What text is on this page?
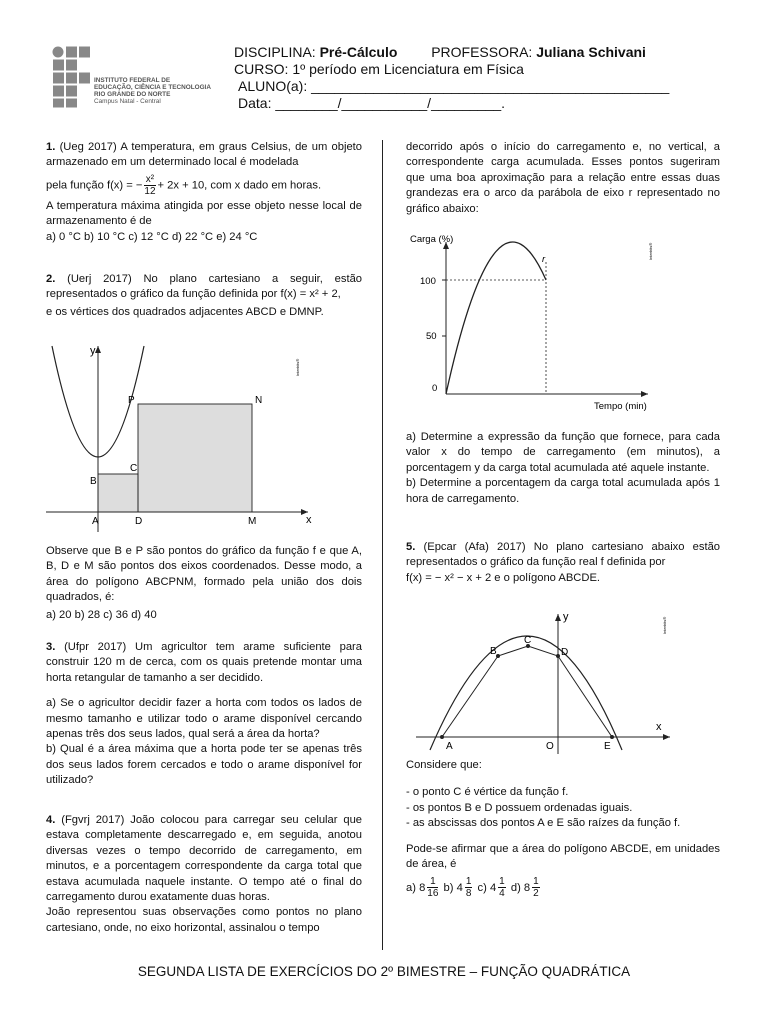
INSTITUTO FEDERAL DE
EDUCAÇÃO, CIÊNCIA E TECNOLOGIA
RIO GRANDE DO NORTE
Campus Natal - Central
DISCIPLINA: Pré-Cálculo PROFESSORA: Juliana Schivani
CURSO: 1º período em Licenciatura em Física
ALUNO(a): ______________________________________________
Data: ________/___________/_________.

1. (Ueg 2017) A temperatura, em graus Celsius, de um objeto armazenado em um determinado local é modelada

pela função f(x) = − $\frac{\text{x²}}{12} + 2x + 10$, com x dado em horas.

A temperatura máxima atingida por esse objeto nesse local de armazenamento é de

a) 0 °C b) 10 °C c) 12 °C d) 22 °C e) 24 °C

2. (Uerj 2017) No plano cartesiano a seguir, estão representados o gráfico da função definida por f(x) = x² + 2,

e os vértices dos quadrados adjacentes ABCD e DMNP.

y
x
A
B
C
D	M
N
P
Interbits®

Observe que B e P são pontos do gráfico da função f e que A, B, D e M são pontos dos eixos coordenados. Desse modo, a área do polígono ABCPNM, formado pela união dos dois quadrados, é:

a) 20 b) 28 c) 36 d) 40

3. (Ufpr 2017) Um agricultor tem arame suficiente para construir 120 m de cerca, com os quais pretende montar uma horta retangular de tamanho a ser decidido.

a) Se o agricultor decidir fazer a horta com todos os lados de mesmo tamanho e utilizar todo o arame disponível cercando apenas três dos seus lados, qual será a área da horta?

b) Qual é a área máxima que a horta pode ter se apenas três dos seus lados forem cercados e todo o arame disponível for utilizado?

4. (Fgvrj 2017) João colocou para carregar seu celular que estava completamente descarregado e, em seguida, anotou diversas vezes o tempo decorrido de carregamento, em minutos, e a porcentagem correspondente da carga total que estava acumulada naquele instante. O tempo até o final do carregamento durou exatamente duas horas.

João representou suas observações como pontos no plano cartesiano, onde, no eixo horizontal, assinalou o tempo

decorrido após o início do carregamento e, no vertical, a correspondente carga acumulada. Esses pontos sugeriram que uma boa aproximação para a relação entre essas duas grandezas era o arco da parábola de eixo r representado no gráfico abaixo:

Carga (%)
Tempo (min)
r
100
50
0
Interbits®

a) Determine a expressão da função que fornece, para cada valor x do tempo de carregamento (em minutos), a porcentagem y da carga total acumulada até aquele instante.

b) Determine a porcentagem da carga total acumulada após 1 hora de carregamento.

5. (Epcar (Afa) 2017) No plano cartesiano abaixo estão representados o gráfico da função real f definida por

f(x) = − x² − x + 2 e o polígono ABCDE.

y
x
A
B
C
D
O	E
Interbits®

Considere que:

- o ponto C é vértice da função f.

- os pontos B e D possuem ordenadas iguais.

- as abscissas dos pontos A e E são raízes da função f.

Pode-se afirmar que a área do polígono ABCDE, em unidades de área, é

a) $8 \frac{1}{16} b$) $4 \frac{1}{8} c$) $4 \frac{1}{4} d$) $8 \frac{1}{2}$

SEGUNDA LISTA DE EXERCÍCIOS DO 2º BIMESTRE – FUNÇÃO QUADRÁTICA
